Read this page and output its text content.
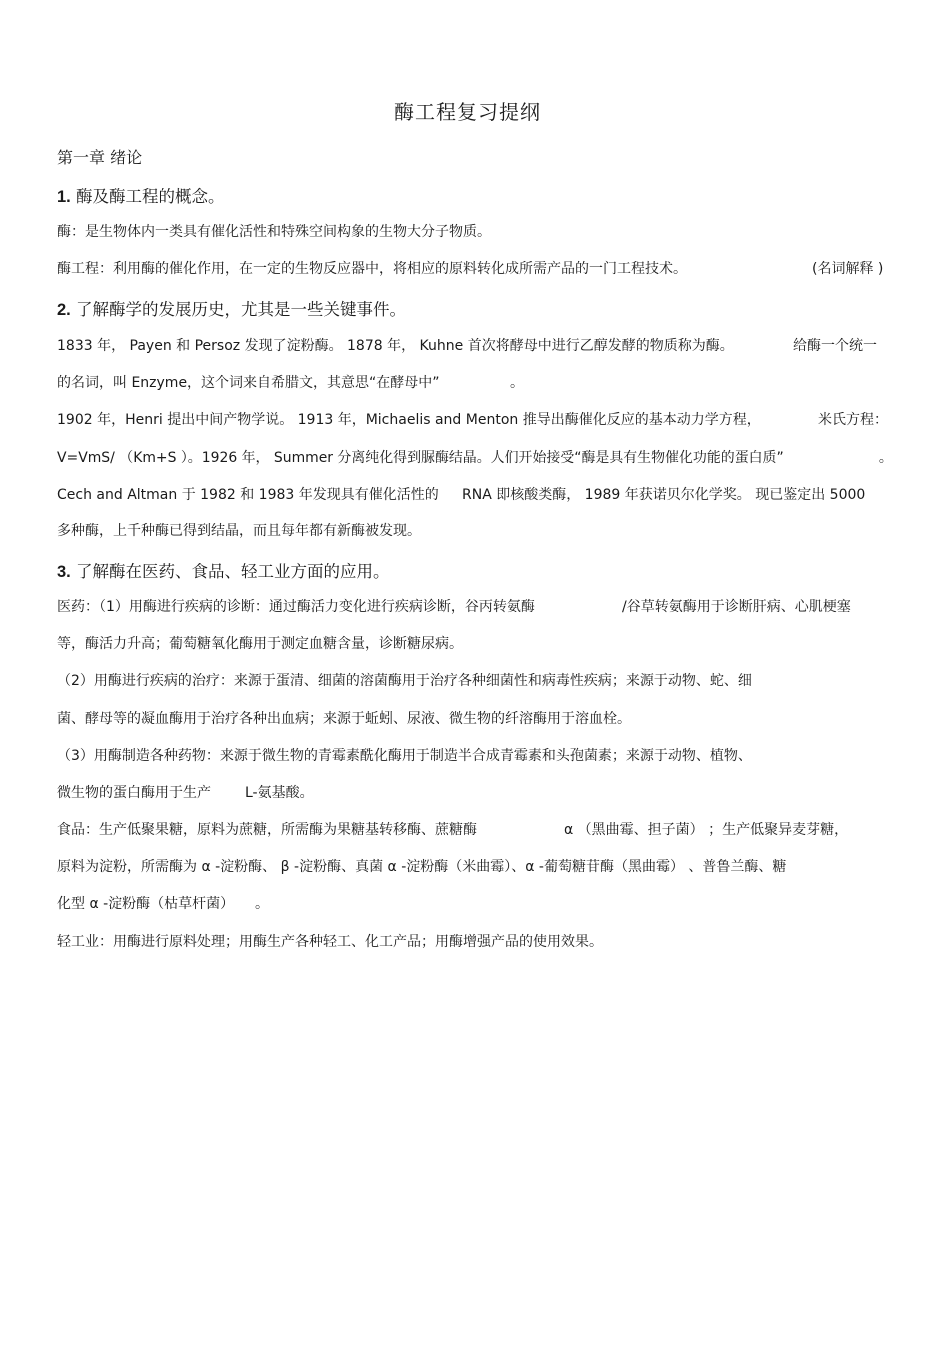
酶工程复习提纲
第一章 绪论
1. 酶及酶工程的概念。
酶：是生物体内一类具有催化活性和特殊空间构象的生物大分子物质。
酶工程：利用酶的催化作用，在一定的生物反应器中，将相应的原料转化成所需产品的一门工程技术。	(名词解释 )
2. 了解酶学的发展历史，尤其是一些关键事件。
1833 年， Payen 和 Persoz 发现了淀粉酶。 1878 年， Kuhne 首次将酵母中进行乙醇发酵的物质称为酶。	给酶一个统一
的名词，叫 Enzyme，这个词来自希腊文，其意思“在酵母中”	。
1902 年，Henri 提出中间产物学说。 1913 年，Michaelis and Menton 推导出酶催化反应的基本动力学方程，	米氏方程：
V=VmS/ （Km+S ）。1926 年， Summer 分离纯化得到脲酶结晶。人们开始接受“酶是具有生物催化功能的蛋白质”	。
Cech and Altman 于 1982 和 1983 年发现具有催化活性的 RNA 即核酸类酶， 1989 年获诺贝尔化学奖。 现已鉴定出 5000
多种酶，上千种酶已得到结晶，而且每年都有新酶被发现。
3. 了解酶在医药、食品、轻工业方面的应用。
医药：（1）用酶进行疾病的诊断：通过酶活力变化进行疾病诊断，谷丙转氨酶	/谷草转氨酶用于诊断肝病、心肌梗塞
等，酶活力升高；葡萄糖氧化酶用于测定血糖含量，诊断糖尿病。
（2）用酶进行疾病的治疗：来源于蛋清、细菌的溶菌酶用于治疗各种细菌性和病毒性疾病；来源于动物、蛇、细
菌、酵母等的凝血酶用于治疗各种出血病；来源于蚯蚓、尿液、微生物的纤溶酶用于溶血栓。
（3）用酶制造各种药物：来源于微生物的青霉素酰化酶用于制造半合成青霉素和头孢菌素；来源于动物、植物、
微生物的蛋白酶用于生产 L-氨基酸。
食品：生产低聚果糖，原料为蔗糖，所需酶为果糖基转移酶、蔗糖酶	α （黑曲霉、担子菌） ；生产低聚异麦芽糖，
原料为淀粉，所需酶为 α -淀粉酶、 β -淀粉酶、真菌 α -淀粉酶（米曲霉）、α -葡萄糖苷酶（黑曲霉） 、普鲁兰酶、糖
化型 α -淀粉酶（枯草杆菌） 。
轻工业：用酶进行原料处理；用酶生产各种轻工、化工产品；用酶增强产品的使用效果。
